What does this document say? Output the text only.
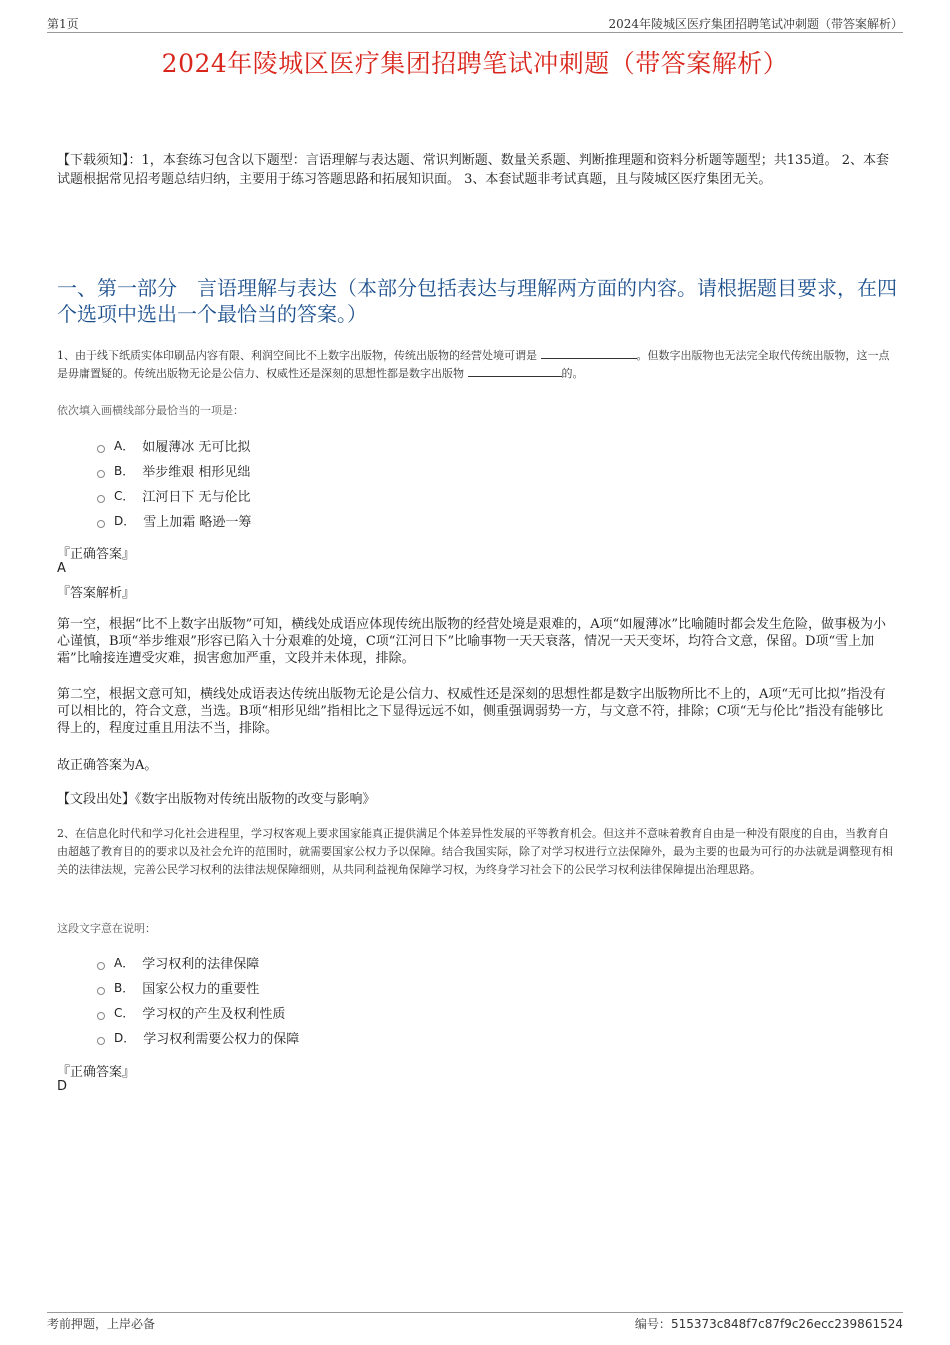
第1页	2024年陵城区医疗集团招聘笔试冲刺题（带答案解析）
2024年陵城区医疗集团招聘笔试冲刺题（带答案解析）
【下载须知】：1，本套练习包含以下题型：言语理解与表达题、常识判断题、数量关系题、判断推理题和资料分析题等题型；共135道。 2、本套试题根据常见招考题总结归纳，主要用于练习答题思路和拓展知识面。 3、本套试题非考试真题，且与陵城区医疗集团无关。
一、第一部分　言语理解与表达（本部分包括表达与理解两方面的内容。请根据题目要求，在四个选项中选出一个最恰当的答案。）
1、由于线下纸质实体印刷品内容有限、利润空间比不上数字出版物，传统出版物的经营处境可谓是	。但数字出版物也无法完全取代传统出版物，这一点是毋庸置疑的。传统出版物无论是公信力、权威性还是深刻的思想性都是数字出版物	的。
依次填入画横线部分最恰当的一项是：
A． 如履薄冰 无可比拟
B． 举步维艰 相形见绌
C． 江河日下 无与伦比
D． 雪上加霜 略逊一筹
『正确答案』
A
『答案解析』
第一空，根据“比不上数字出版物”可知，横线处成语应体现传统出版物的经营处境是艰难的，A项“如履薄冰”比喻随时都会发生危险，做事极为小心谨慎，B项“举步维艰”形容已陷入十分艰难的处境，C项“江河日下”比喻事物一天天衰落，情况一天天变坏，均符合文意，保留。D项“雪上加霜”比喻接连遭受灾难，损害愈加严重，文段并未体现，排除。
第二空，根据文意可知，横线处成语表达传统出版物无论是公信力、权威性还是深刻的思想性都是数字出版物所比不上的，A项“无可比拟”指没有可以相比的，符合文意，当选。B项“相形见绌”指相比之下显得远远不如，侧重强调弱势一方，与文意不符，排除；C项“无与伦比”指没有能够比得上的，程度过重且用法不当，排除。
故正确答案为A。
【文段出处】《数字出版物对传统出版物的改变与影响》
2、在信息化时代和学习化社会进程里，学习权客观上要求国家能真正提供满足个体差异性发展的平等教育机会。但这并不意味着教育自由是一种没有限度的自由，当教育自由超越了教育目的的要求以及社会允许的范围时，就需要国家公权力予以保障。结合我国实际，除了对学习权进行立法保障外，最为主要的也最为可行的办法就是调整现有相关的法律法规，完善公民学习权利的法律法规保障细则，从共同利益视角保障学习权，为终身学习社会下的公民学习权利法律保障提出治理思路。
这段文字意在说明：
A． 学习权利的法律保障
B． 国家公权力的重要性
C． 学习权的产生及权利性质
D． 学习权利需要公权力的保障
『正确答案』
D
考前押题，上岸必备	编号：515373c848f7c87f9c26ecc239861524
